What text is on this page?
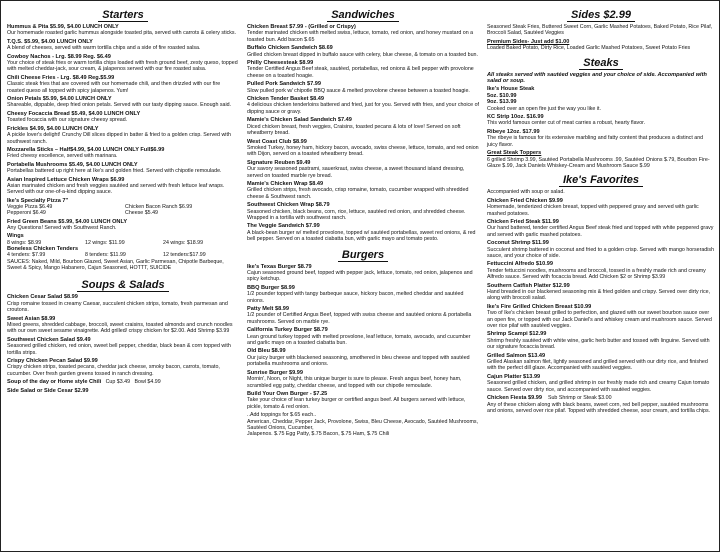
Starters
Hummus & Pita $5.99, $4.00 LUNCH ONLY
Our homemade roasted garlic hummus alongside toasted pita, served with carrots & celery sticks.
T.Q.S. $5.99, $4.00 LUNCH ONLY
A blend of cheeses, served with warm tortilla chips and a side of fire roasted salsa.
Cowboy Nachos - Lrg. $8.99 Reg. $6.49
Your choice of steak fries or warm tortilla chips loaded with fresh ground beef, zesty queso, topped with melted cheddar-jack, sour cream, & jalapenos served with our fire roasted salsa.
Chili Cheese Fries - Lrg. $8.49 Reg.$5.99
Classic steak fries that are covered with our homemade chili, and then drizzled with our fire roasted queso all topped with spicy jalapenos. Yum!
Onion Petals $5.99, $4.00 LUNCH ONLY
Shareable, dippable, deep fried onion petals. Served with our tasty dipping sauce. Enough said.
Cheesy Focaccia Bread $5.49, $4.00 LUNCH ONLY
Toasted focaccia with our signature cheesy spread.
Frickles $4.99, $4.00 LUNCH ONLY
A pickle lover's delight! Crunchy Dill slices dipped in batter & fried to a golden crisp. Served with southwest ranch.
Mozzarella Sticks – Half$4.99, $4.00 LUNCH ONLY Full$6.99
Fried cheesy excellence, served with marinara.
Portabella Mushrooms $5.49, $4.00 LUNCH ONLY
Portabellas battered up right here at Ike's and golden fried. Served with chipotle remoulade.
Asian Inspired Lettuce Chicken Wraps $6.99
Asian marinated chicken and fresh veggies sautéed and served with fresh lettuce leaf wraps. Served with our one-of-a-kind dipping sauce.
Ike's Specialty Pizza 7"
Veggie Pizza $6.49	Chicken Bacon Ranch $6.99
Pepperoni $6.49	Cheese $5.49
Fried Green Beans $5.99, $4.00 LUNCH ONLY
Any Questions! Served with Southwest Ranch.
Wings
8 wings: $8.99	12 wings: $11.99	24 wings: $18.99
Boneless Chicken Tenders
4 tenders: $7.99	8 tenders: $11.99	12 tenders:$17.99
SAUCES: Naked, Mild, Bourbon Glazed, Sweet Asian, Garlic Parmesan, Chipotle Barbeque, Sweet & Spicy, Mango Habanero, Cajun Seasoned, HOTTT, SUICIDE
Soups & Salads
Chicken Cesar Salad $8.99
Crisp romaine tossed in creamy Caesar, succulent chicken strips, tomato, fresh parmesan and croutons.
Sweet Asian $8.99
Mixed greens, shredded cabbage, broccoli, sweet craisins, toasted almonds and crunch noodles with our own sweet sesame vinaigrette. Add grilled/ crispy chicken for $2.00. Add Shrimp $3.99
Southwest Chicken Salad $9.49
Seasoned grilled chicken, red onion, sweet bell pepper, cheddar, black bean & corn topped with tortilla strips.
Crispy Chicken Pecan Salad $9.99
Crispy chicken strips, toasted pecans, cheddar jack cheese, smoky bacon, carrots, tomato, cucumber. Over fresh garden greens tossed in ranch dressing.
Soup of the day or Home style Chili Cup $3.49 Bowl $4.99
Side Salad or Side Cesar $2.99
Sandwiches
Chicken Breast $7.99 - (Grilled or Crispy)
Tender marinated chicken with melted swiss, lettuce, tomato, red onion, and honey mustard on a toasted bun. Add bacon $.65
Buffalo Chicken Sandwich $8.69
Grilled chicken breast dipped in buffalo sauce with celery, blue cheese, & tomato on a toasted bun.
Philly Cheesesteak $8.99
Tender Certified Angus Beef steak, sautéed, portabellas, red onions & bell pepper with provolone cheese on a toasted hoagie.
Pulled Pork Sandwich $7.99
Slow pulled pork w/ chipotle BBQ sauce & melted provolone cheese between a toasted hoagie.
Chicken Tender Basket $8.49
4 delicious chicken tenderloins battered and fried, just for you. Served with fries, and your choice of dipping sauce or gravy.
Mamie's Chicken Salad Sandwich $7.49
Diced chicken breast, fresh veggies, Craisins, toasted pecans & lots of love! Served on soft wheatberry bread.
West Coast Club $8.99
Smoked Turkey, honey ham, hickory bacon, avocado, swiss cheese, lettuce, tomato, and red onion with Dijon, served on a toasted wheatberry bread.
Signature Reuben $9.49
Our savory seasoned pastrami, sauerkraut, swiss cheese, a sweet thousand island dressing, served on toasted marble rye bread.
Mamie's Chicken Wrap $8.49
Grilled chicken strips, fresh avocado, crisp romaine, tomato, cucumber wrapped with shredded cheese & Southwest ranch.
Southwest Chicken Wrap $8.79
Seasoned chicken, black beans, corn, rice, lettuce, sautéed red onion, and shredded cheese. Wrapped in a tortilla with southwest ranch.
The Veggie Sandwich $7.99
A black-bean burger w/ melted provolone, topped w/ sautéed portabellas, sweet red onions, & red bell pepper. Served on a toasted ciabatta bun, with garlic mayo and tomato pesto.
Burgers
Ike's Texas Burger $8.79
Cajun seasoned ground beef, topped with pepper jack, lettuce, tomato, red onion, jalapenos and spicy ketchup.
BBQ Burger $8.99
1/2 pounder topped with tangy barbeque sauce, hickory bacon, melted cheddar and sautéed onions.
Patty Melt $8.99
1/2 pounder of Certified Angus Beef, topped with swiss cheese and sautéed onions & portabella mushrooms. Served on marble rye.
California Turkey Burger $8.79
Lean ground turkey topped with melted provolone, leaf lettuce, tomato, avocado, and cucumber and garlic mayo on a toasted ciabatta bun.
Old Bleu $8.99
Our juicy burger with blackened seasoning, smothered in bleu cheese and topped with sautéed portabella mushrooms and onions.
Sunrise Burger $9.99
Mornin', Noon, or Night, this unique burger is sure to please. Fresh angus beef, honey ham, scrambled egg patty, cheddar cheese, and topped with our chipotle remoulade.
Build Your Own Burger - $7.25
Take your choice of lean turkey burger or certified angus beef. All burgers served with lettuce, pickle, tomato & red onion.
..Add toppings for $.65 each..
American, Cheddar, Pepper Jack, Provolone, Swiss, Bleu Cheese, Avocado, Sautéed Mushrooms, Sautéed Onions, Cucumber,
Jalapenos. $.75 Egg Patty, $.75 Bacon, $.75 Ham, $.75 Chili
Sides $2.99
Seasoned Steak Fries, Buttered Sweet Corn, Garlic Mashed Potatoes, Baked Potato, Rice Pilaf, Broccoli Salad, Sautéed Veggies
Premium Sides- Just add $1.00
Loaded Baked Potato, Dirty Rice, Loaded Garlic Mashed Potatoes, Sweet Potato Fries
Steaks
All steaks served with sautéed veggies and your choice of side. Accompanied with salad or soup.
Ike's House Steak
5oz. $10.99
9oz. $13.99
Cooked over an open fire just the way you like it.
KC Strip 10oz. $16.99
This world famous center cut of meat carries a robust, hearty flavor.
Ribeye 12oz. $17.99
The ribeye is famous for its extensive marbling and fatty content that produces a distinct and juicy flavor.
Great Steak Toppers
6 grilled Shrimp 3.99, Sautéed Portabella Mushrooms .99, Sautéed Onions $.79, Bourbon Fire-Glaze $.99, Jack Daniels Whiskey-Cream and Mushroom Sauce $.99
Ike's Favorites
Accompanied with soup or salad.
Chicken Fried Chicken $9.99
Homemade, tenderized chicken breast, topped with peppered gravy and served with garlic mashed potatoes.
Chicken Fried Steak $11.99
Our hand battered, tender certified Angus Beef steak fried and topped with white peppered gravy and served with garlic mashed potatoes.
Coconut Shrimp $11.99
Succulent shrimp battered in coconut and fried to a golden crisp. Served with mango horseradish sauce, and your choice of side.
Fettuccini Alfredo $10.99
Tender fettuccini noodles, mushrooms and broccoli, tossed in a freshly made rich and creamy Alfredo sauce. Served with focaccia bread. Add Chicken $2 or Shrimp $3.99
Southern Catfish Platter $12.99
Hand breaded in our blackened seasoning mix & fried golden and crispy. Served over dirty rice, along with broccoli salad.
Ike's Fire Grilled Chicken Breast $10.99
Two of Ike's chicken breast grilled to perfection, and glazed with our sweet bourbon sauce over an open fire, or topped with our Jack Daniel's and whiskey cream and mushroom sauce. Served over rice pilaf with sautéed veggies.
Shrimp Scampi $12.99
Shrimp freshly sautéed with white wine, garlic herb butter and tossed with linguine. Served with our signature focaccia bread.
Grilled Salmon $13.49
Grilled Alaskan salmon filet, lightly seasoned and grilled served with our dirty rice, and finished with the perfect dill glaze. Accompanied with sautéed veggies.
Cajun Platter $13.99
Seasoned grilled chicken, and grilled shrimp in our freshly made rich and creamy Cajun tomato sauce. Served over dirty rice, and accompanied with sautéed veggies.
Chicken Fiesta $9.99 Sub Shrimp or Steak $3.00
Any of these chicken along with black beans, sweet corn, red bell pepper, sautéed mushrooms and onions, served over rice pilaf. Topped with shredded cheese, sour cream, and tortilla chips.
